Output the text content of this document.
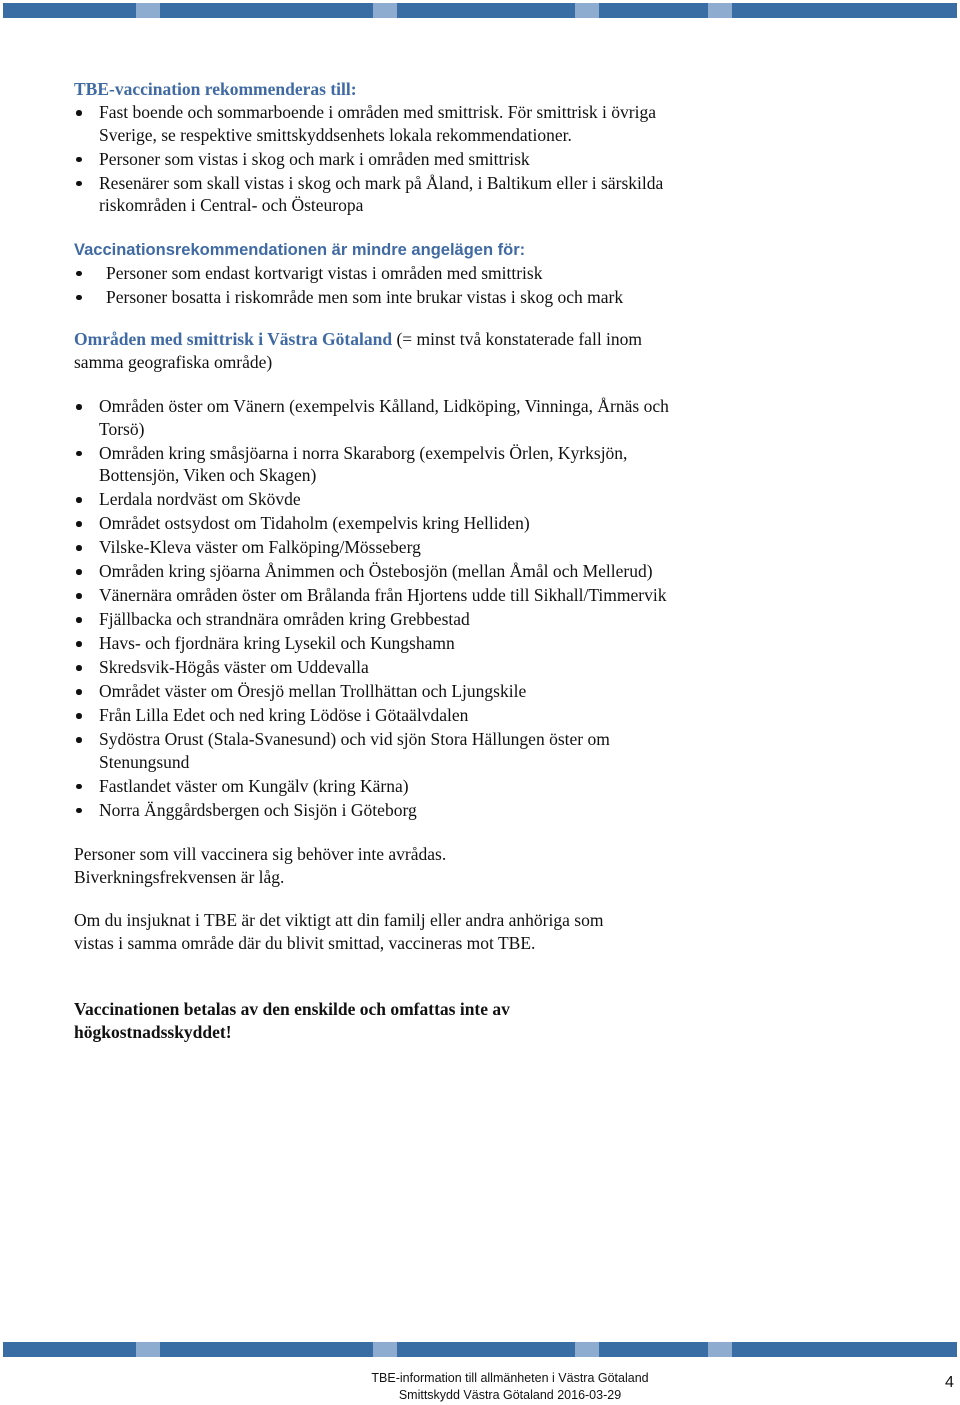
TBE-vaccination rekommenderas till:
Fast boende och sommarboende i områden med smittrisk. För smittrisk i övriga Sverige, se respektive smittskyddsenhets lokala rekommendationer.
Personer som vistas i skog och mark i områden med smittrisk
Resenärer som skall vistas i skog och mark på Åland, i Baltikum eller i särskilda riskområden i Central- och Östeuropa
Vaccinationsrekommendationen är mindre angelägen för:
Personer som endast kortvarigt vistas i områden med smittrisk
Personer bosatta i riskområde men som inte brukar vistas i skog och mark
Områden med smittrisk i Västra Götaland (= minst två konstaterade fall inom samma geografiska område)
Områden öster om Vänern (exempelvis Kålland, Lidköping, Vinninga, Årnäs och Torsö)
Områden kring småsjöarna i norra Skaraborg (exempelvis Örlen, Kyrksjön, Bottensjön, Viken och Skagen)
Lerdala nordväst om Skövde
Området ostsydost om Tidaholm (exempelvis kring Helliden)
Vilske-Kleva väster om Falköping/Mösseberg
Områden kring sjöarna Ånimmen och Östebosjön (mellan Åmål och Mellerud)
Vänernära områden öster om Brålanda från Hjortens udde till Sikhall/Timmervik
Fjällbacka och strandnära områden kring Grebbestad
Havs- och fjordnära kring Lysekil och Kungshamn
Skredsvik-Högås väster om Uddevalla
Området väster om Öresjö mellan Trollhättan och Ljungskile
Från Lilla Edet och ned kring Lödöse i Götaälvdalen
Sydöstra Orust (Stala-Svanesund) och vid sjön Stora Hällungen öster om Stenungsund
Fastlandet väster om Kungälv (kring Kärna)
Norra Änggårdsbergen och Sisjön i Göteborg

Personer som vill vaccinera sig behöver inte avrådas.
Biverkningsfrekvensen är låg.

Om du insjuknat i TBE är det viktigt att din familj eller andra anhöriga som
vistas i samma område där du blivit smittad, vaccineras mot TBE.

Vaccinationen betalas av den enskilde och omfattas inte av
högkostnadsskyddet!

TBE-information till allmänheten i Västra Götaland
Smittskydd Västra Götaland 2016-03-29
4
